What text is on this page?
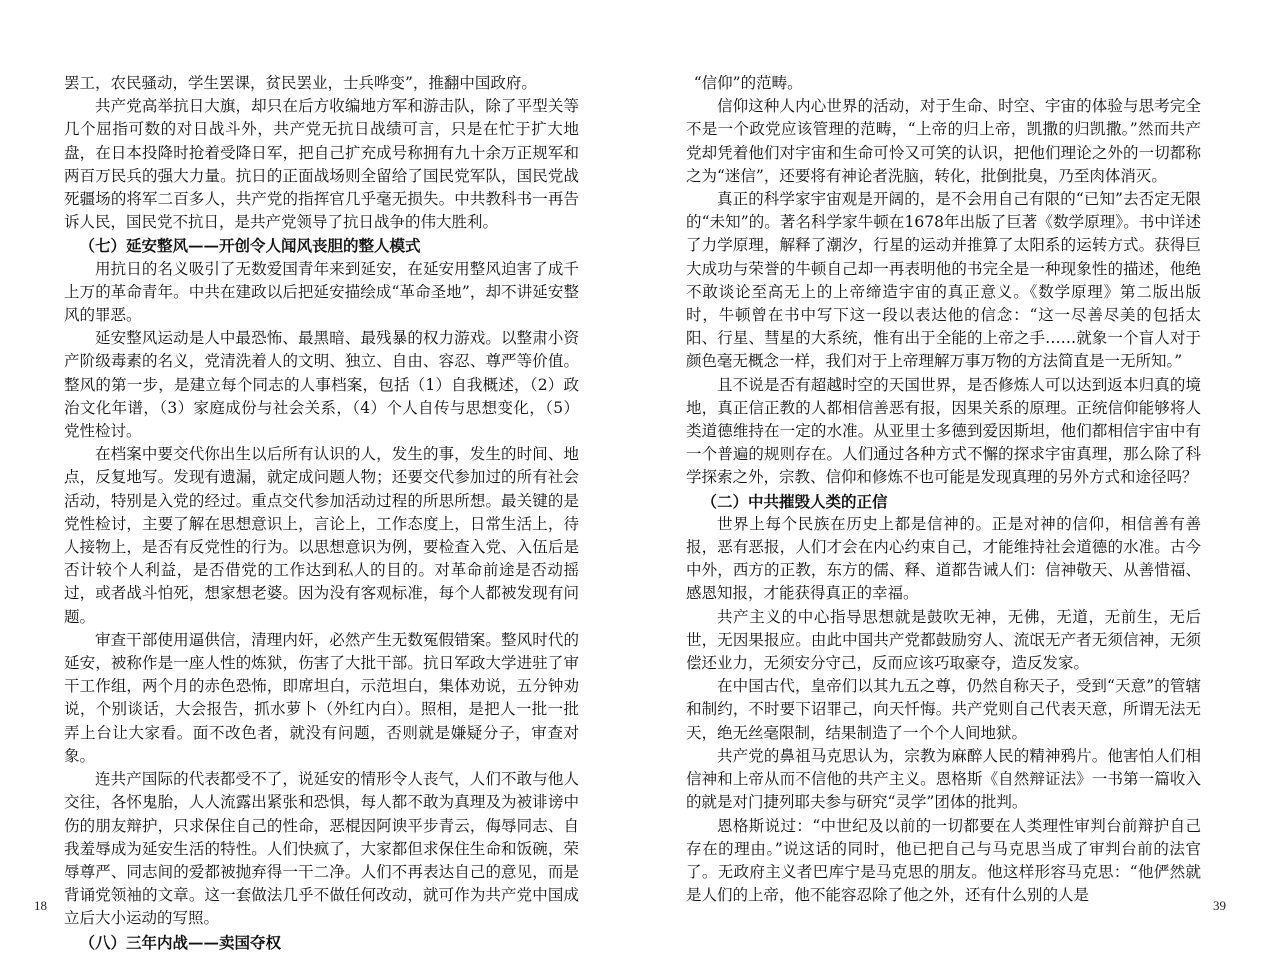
罢工，农民骚动，学生罢课，贫民罢业，士兵哗变”，推翻中国政府。

共产党高举抗日大旗，却只在后方收编地方军和游击队，除了平型关等几个屈指可数的对日战斗外，共产党无抗日战绩可言，只是在忙于扩大地盘，在日本投降时抢着受降日军，把自己扩充成号称拥有九十余万正规军和两百万民兵的强大力量。抗日的正面战场则全留给了国民党军队，国民党战死疆场的将军二百多人，共产党的指挥官几乎毫无损失。中共教科书一再告诉人民，国民党不抗日，是共产党领导了抗日战争的伟大胜利。

（七）延安整风——开创令人闻风丧胆的整人模式

用抗日的名义吸引了无数爱国青年来到延安，在延安用整风迫害了成千上万的革命青年。中共在建政以后把延安描绘成“革命圣地”，却不讲延安整风的罪恶。

延安整风运动是人中最恐怖、最黑暗、最残暴的权力游戏。以整肃小资产阶级毒素的名义，党清洗着人的文明、独立、自由、容忍、尊严等价值。整风的第一步，是建立每个同志的人事档案，包括（1）自我概述，（2）政治文化年谱，（3）家庭成份与社会关系，（4）个人自传与思想变化，（5）党性检讨。

在档案中要交代你出生以后所有认识的人，发生的事，发生的时间、地点，反复地写。发现有遗漏，就定成问题人物；还要交代参加过的所有社会活动，特别是入党的经过。重点交代参加活动过程的所思所想。最关键的是党性检讨，主要了解在思想意识上，言论上，工作态度上，日常生活上，待人接物上，是否有反党性的行为。以思想意识为例，要检查入党、入伍后是否计较个人利益，是否借党的工作达到私人的目的。对革命前途是否动摇过，或者战斗怕死，想家想老婆。因为没有客观标准，每个人都被发现有问题。

审查干部使用逼供信，清理内奸，必然产生无数冤假错案。整风时代的延安，被称作是一座人性的炼狱，伤害了大批干部。抗日军政大学进驻了审干工作组，两个月的赤色恐怖，即席坦白，示范坦白，集体劝说，五分钟劝说，个别谈话，大会报告，抓水萝卜（外红内白）。照相，是把人一批一批弄上台让大家看。面不改色者，就没有问题，否则就是嫌疑分子，审查对象。

连共产国际的代表都受不了，说延安的情形令人丧气，人们不敢与他人交往，各怀鬼胎，人人流露出紧张和恐惧，每人都不敢为真理及为被诽谤中伤的朋友辩护，只求保住自己的性命，恶棍因阿谀平步青云，侮辱同志、自我羞辱成为延安生活的特性。人们快疯了，大家都但求保住生命和饭碗，荣辱尊严、同志间的爱都被抛弃得一干二净。人们不再表达自己的意见，而是背诵党领袖的文章。这一套做法几乎不做任何改动，就可作为共产党中国成立后大小运动的写照。

（八）三年内战——卖国夺权

“信仰”的范畴。

信仰这种人内心世界的活动，对于生命、时空、宇宙的体验与思考完全不是一个政党应该管理的范畴，“上帝的归上帝，凯撒的归凯撒。”然而共产党却凭着他们对宇宙和生命可怜又可笑的认识，把他们理论之外的一切都称之为“迷信”，还要将有神论者洗脑，转化，批倒批臭，乃至肉体消灭。

真正的科学家宇宙观是开阔的，是不会用自己有限的“已知”去否定无限的“未知”的。著名科学家牛顿在1678年出版了巨著《数学原理》。书中详述了力学原理，解释了潮汐，行星的运动并推算了太阳系的运转方式。获得巨大成功与荣誉的牛顿自己却一再表明他的书完全是一种现象性的描述，他绝不敢谈论至高无上的上帝缔造宇宙的真正意义。《数学原理》第二版出版时，牛顿曾在书中写下这一段以表达他的信念：“这一尽善尽美的包括太阳、行星、彗星的大系统，惟有出于全能的上帝之手……就象一个盲人对于颜色毫无概念一样，我们对于上帝理解万事万物的方法简直是一无所知。”

且不说是否有超越时空的天国世界，是否修炼人可以达到返本归真的境地，真正信正教的人都相信善恶有报，因果关系的原理。正统信仰能够将人类道德维持在一定的水准。从亚里士多德到爱因斯坦，他们都相信宇宙中有一个普遍的规则存在。人们通过各种方式不懈的探求宇宙真理，那么除了科学探索之外，宗教、信仰和修炼不也可能是发现真理的另外方式和途径吗？

（二）中共摧毁人类的正信

世界上每个民族在历史上都是信神的。正是对神的信仰，相信善有善报，恶有恶报，人们才会在内心约束自己，才能维持社会道德的水准。古今中外，西方的正教，东方的儒、释、道都告诫人们：信神敬天、从善惜福、感恩知报，才能获得真正的幸福。

共产主义的中心指导思想就是鼓吹无神，无佛，无道，无前生，无后世，无因果报应。由此中国共产党都鼓励穷人、流氓无产者无须信神，无须偿还业力，无须安分守己，反而应该巧取豪夺，造反发家。

在中国古代，皇帝们以其九五之尊，仍然自称天子，受到“天意”的管辖和制约，不时要下诏罪己，向天忏悔。共产党则自己代表天意，所谓无法无天，绝无丝毫限制，结果制造了一个个人间地狱。

共产党的鼻祖马克思认为，宗教为麻醉人民的精神鸦片。他害怕人们相信神和上帝从而不信他的共产主义。恩格斯《自然辩证法》一书第一篇收入的就是对门捷列耶夫参与研究“灵学”团体的批判。

恩格斯说过：“中世纪及以前的一切都要在人类理性审判台前辩护自己存在的理由。”说这话的同时，他已把自己与马克思当成了审判台前的法官了。无政府主义者巴库宁是马克思的朋友。他这样形容马克思：“他俨然就是人们的上帝，他不能容忍除了他之外，还有什么别的人是

18	39
